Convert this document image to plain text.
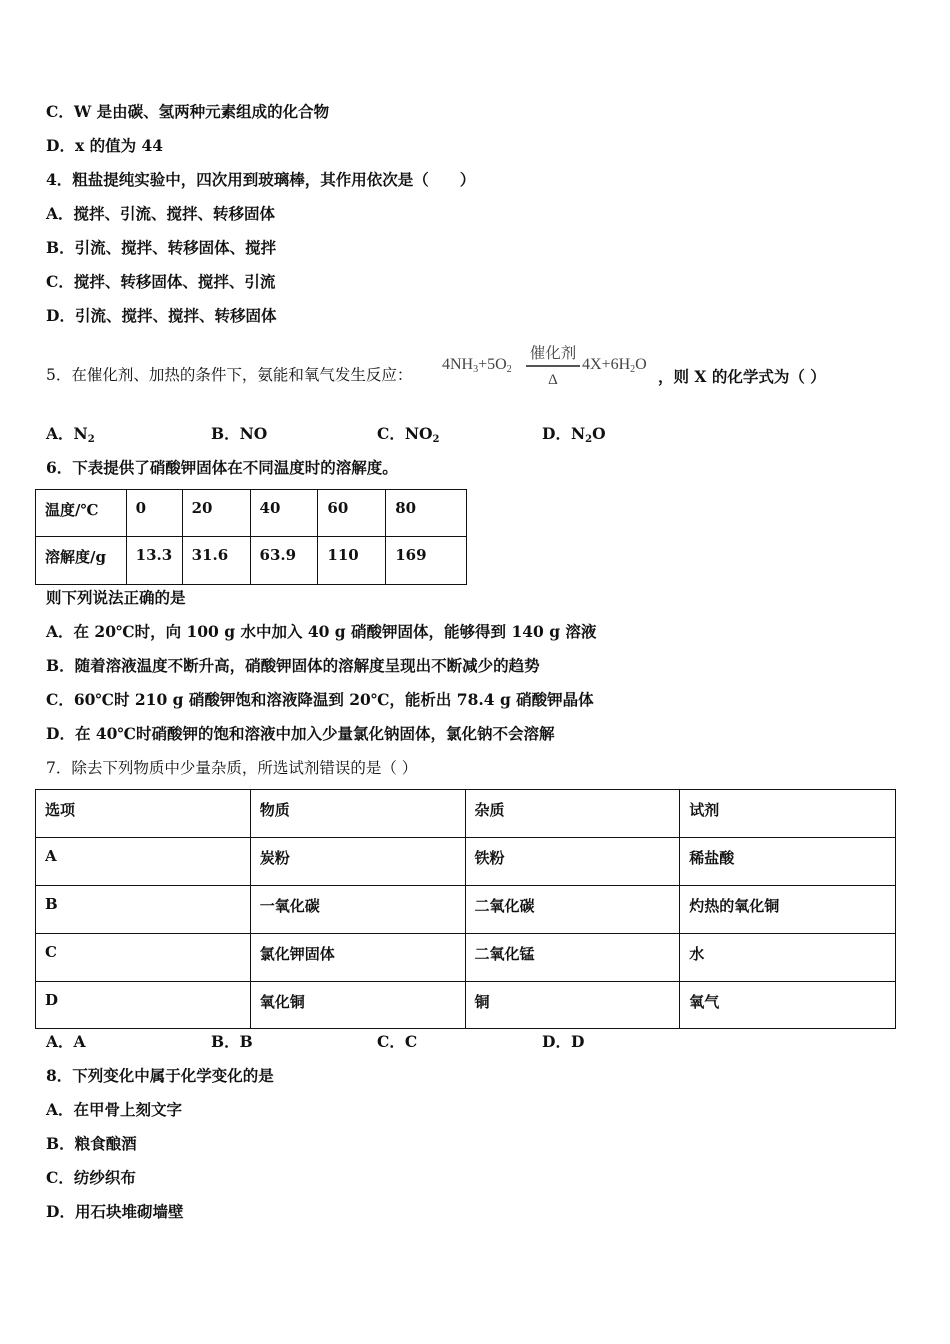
C．W 是由碳、氢两种元素组成的化合物
D．x 的值为 44
4．粗盐提纯实验中，四次用到玻璃棒，其作用依次是（　　）
A．搅拌、引流、搅拌、转移固体
B．引流、搅拌、转移固体、搅拌
C．搅拌、转移固体、搅拌、引流
D．引流、搅拌、搅拌、转移固体
5．在催化剂、加热的条件下，氨能和氧气发生反应：
$4NH_3+5O_2$
催化剂
Δ
$4X+6H_2O$
，则 X 的化学式为（ ）
A．$N_2$	B．NO	C．$NO_2$	D．$N_2O$
6．下表提供了硝酸钾固体在不同温度时的溶解度。
温度/℃	0	20	40	60	80
溶解度/g	13.3	31.6	63.9	110	169
则下列说法正确的是
A．在 20℃时，向 100 g 水中加入 40 g 硝酸钾固体，能够得到 140 g 溶液
B．随着溶液温度不断升高，硝酸钾固体的溶解度呈现出不断减少的趋势
C．60℃时 210 g 硝酸钾饱和溶液降温到 20℃，能析出 78.4 g 硝酸钾晶体
D．在 40℃时硝酸钾的饱和溶液中加入少量氯化钠固体，氯化钠不会溶解
7．除去下列物质中少量杂质，所选试剂错误的是（ ）
选项	物质	杂质	试剂
A	炭粉	铁粉	稀盐酸
B	一氧化碳	二氧化碳	灼热的氧化铜
C	氯化钾固体	二氧化锰	水
D	氧化铜	铜	氧气
A．A	B．B	C．C	D．D
8．下列变化中属于化学变化的是
A．在甲骨上刻文字
B．粮食酿酒
C．纺纱织布
D．用石块堆砌墙壁
